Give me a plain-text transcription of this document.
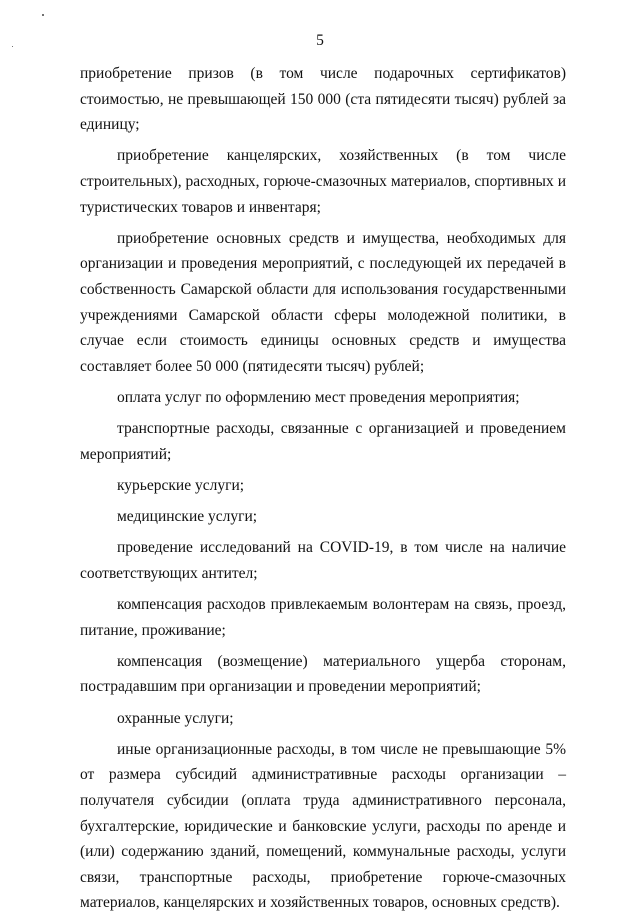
5

приобретение призов (в том числе подарочных сертификатов) стоимостью, не превышающей 150 000 (ста пятидесяти тысяч) рублей за единицу;

приобретение канцелярских, хозяйственных (в том числе строительных), расходных, горюче-смазочных материалов, спортивных и туристических товаров и инвентаря;

приобретение основных средств и имущества, необходимых для организации и проведения мероприятий, с последующей их передачей в собственность Самарской области для использования государственными учреждениями Самарской области сферы молодежной политики, в случае если стоимость единицы основных средств и имущества составляет более 50 000 (пятидесяти тысяч) рублей;

оплата услуг по оформлению мест проведения мероприятия;

транспортные расходы, связанные с организацией и проведением мероприятий;

курьерские услуги;

медицинские услуги;

проведение исследований на COVID-19, в том числе на наличие соответствующих антител;

компенсация расходов привлекаемым волонтерам на связь, проезд, питание, проживание;

компенсация (возмещение) материального ущерба сторонам, пострадавшим при организации и проведении мероприятий;

охранные услуги;

иные организационные расходы, в том числе не превышающие 5% от размера субсидий административные расходы организации – получателя субсидии (оплата труда административного персонала, бухгалтерские, юридические и банковские услуги, расходы по аренде и (или) содержанию зданий, помещений, коммунальные расходы, услуги связи, транспортные расходы, приобретение горюче-смазочных материалов, канцелярских и хозяйственных товаров, основных средств).
